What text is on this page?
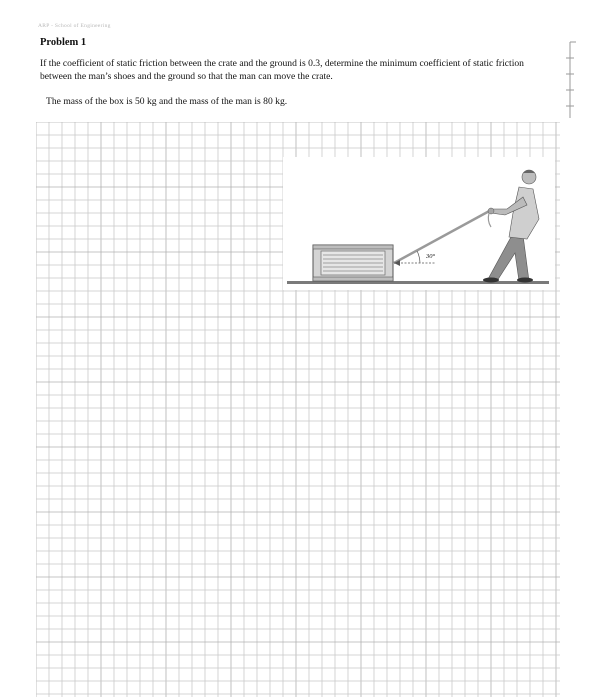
ARP - School of Engineering
Problem 1
If the coefficient of static friction between the crate and the ground is 0.3, determine the minimum coefficient of static friction between the man’s shoes and the ground so that the man can move the crate.
The mass of the box is 50 kg and the mass of the man is 80 kg.
30°
